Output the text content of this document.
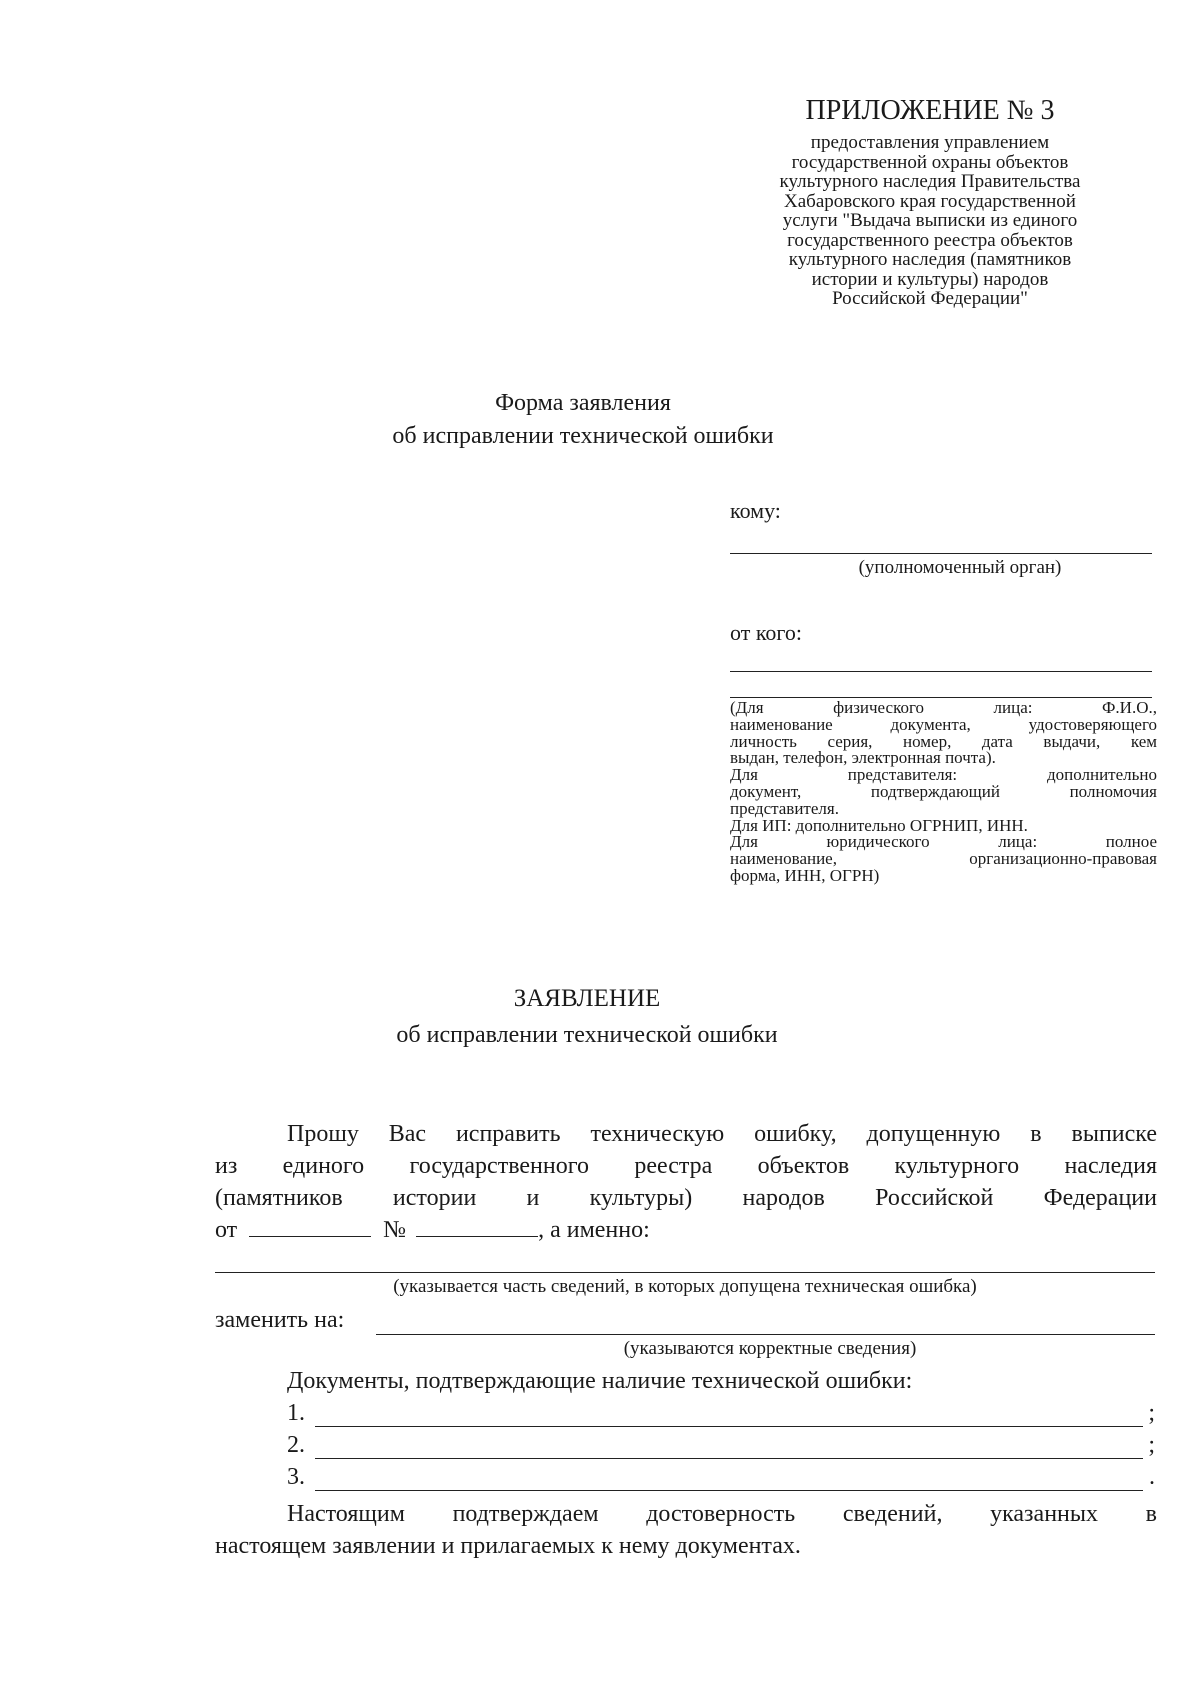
ПРИЛОЖЕНИЕ № 3
предоставления управлением
государственной охраны объектов
культурного наследия Правительства
Хабаровского края государственной
услуги "Выдача выписки из единого
государственного реестра объектов
культурного наследия (памятников
истории и культуры) народов
Российской Федерации"
Форма заявления
об исправлении технической ошибки
кому:
(уполномоченный орган)
от кого:
(Для физического лица: Ф.И.О.,
наименование документа, удостоверяющего
личность серия, номер, дата выдачи, кем
выдан, телефон, электронная почта).
Для представителя: дополнительно
документ, подтверждающий полномочия
представителя.
Для ИП: дополнительно ОГРНИП, ИНН.
Для юридического лица: полное
наименование, организационно-правовая
форма, ИНН, ОГРН)
ЗАЯВЛЕНИЕ
об исправлении технической ошибки
Прошу Вас исправить техническую ошибку, допущенную в выписке
из единого государственного реестра объектов культурного наследия
(памятников истории и культуры) народов Российской Федерации
от	№	, а именно:
(указывается часть сведений, в которых допущена техническая ошибка)
заменить на:
(указываются корректные сведения)
Документы, подтверждающие наличие технической ошибки:
1.	;
2.	;
3.	.
Настоящим подтверждаем достоверность сведений, указанных в
настоящем заявлении и прилагаемых к нему документах.
